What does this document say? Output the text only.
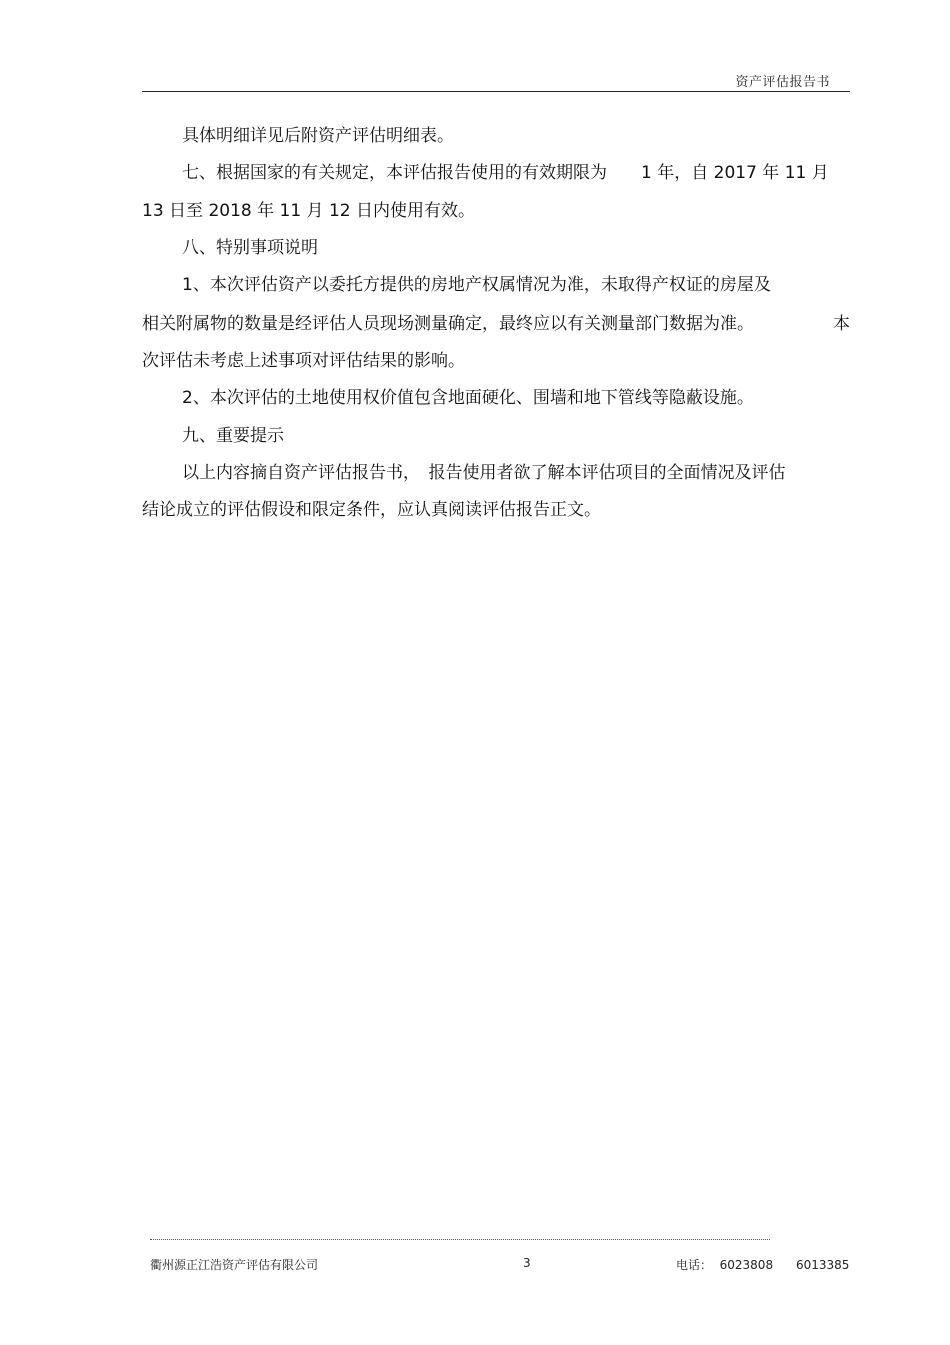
资产评估报告书
具体明细详见后附资产评估明细表。
七、根据国家的有关规定，本评估报告使用的有效期限为　　1 年，自 2017 年 11 月
13 日至 2018 年 11 月 12 日内使用有效。
八、特别事项说明
1、本次评估资产以委托方提供的房地产权属情况为准，未取得产权证的房屋及
相关附属物的数量是经评估人员现场测量确定，最终应以有关测量部门数据为准。	本
次评估未考虑上述事项对评估结果的影响。
2、本次评估的土地使用权价值包含地面硬化、围墙和地下管线等隐蔽设施。
九、重要提示
以上内容摘自资产评估报告书，　报告使用者欲了解本评估项目的全面情况及评估
结论成立的评估假设和限定条件，应认真阅读评估报告正文。
衢州源正江浩资产评估有限公司	3	电话：  6023808      6013385
